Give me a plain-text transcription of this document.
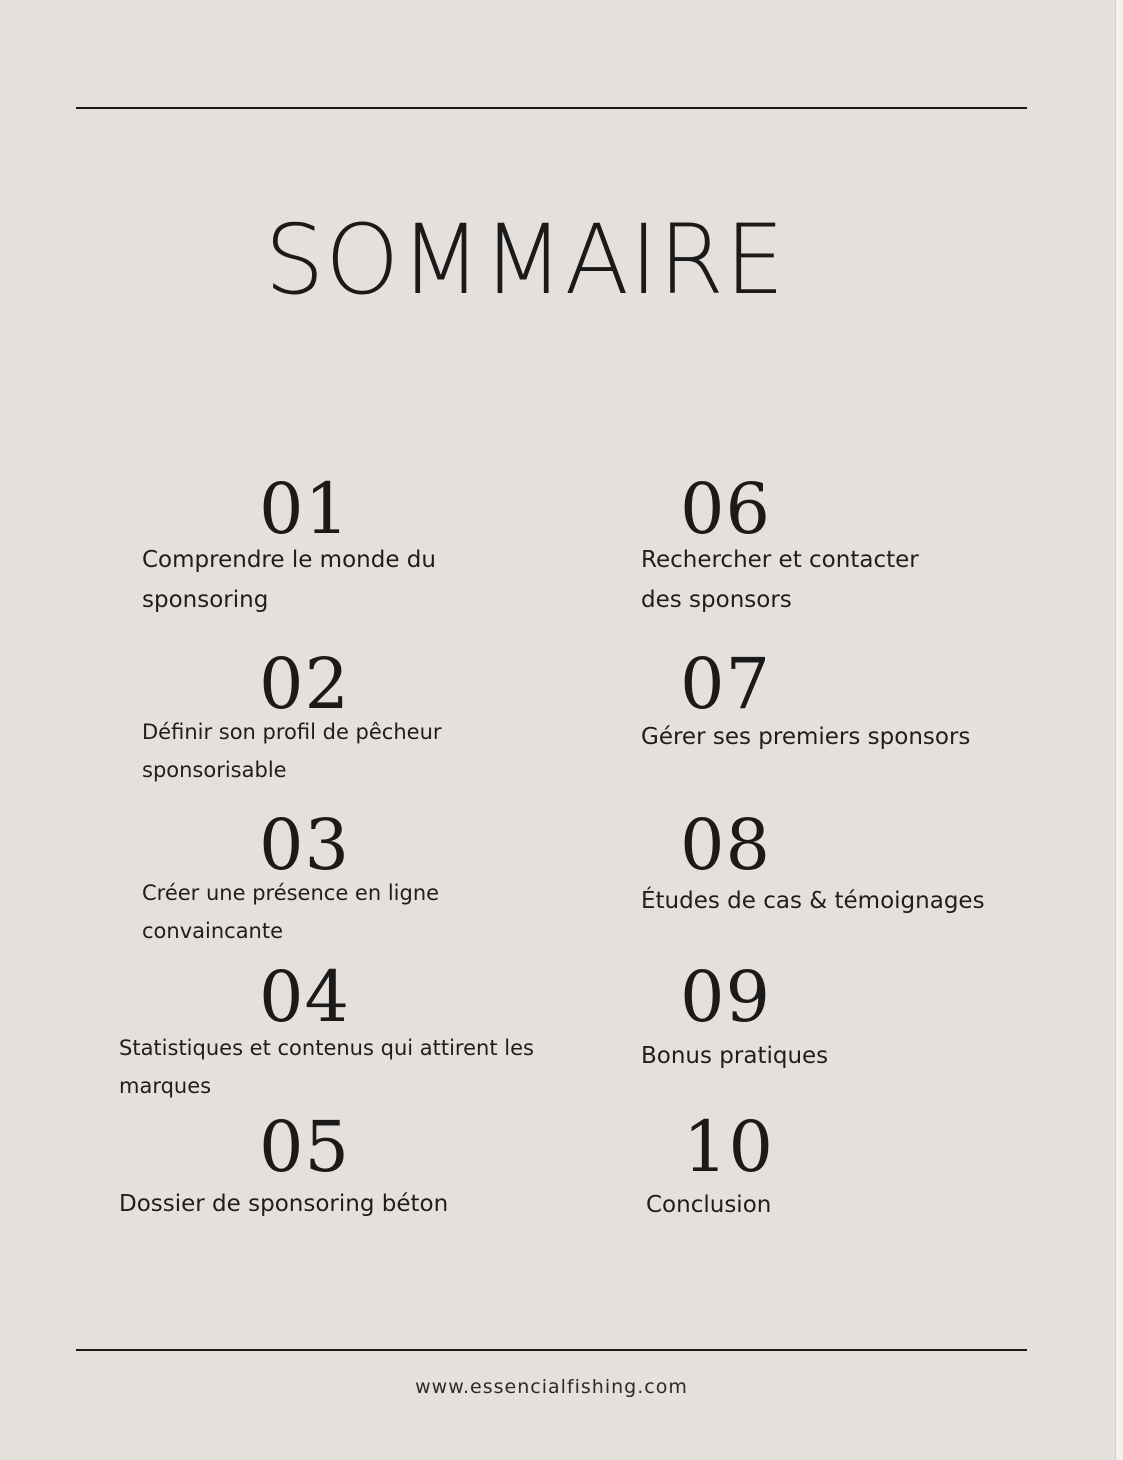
SOMMAIRE
01
Comprendre le monde du sponsoring
02
Définir son profil de pêcheur sponsorisable
03
Créer une présence en ligne convaincante
04
Statistiques et contenus qui attirent les marques
05
Dossier de sponsoring béton
06
Rechercher et contacter des sponsors
07
Gérer ses premiers sponsors
08
Études de cas & témoignages
09
Bonus pratiques
10
Conclusion
www.essencialfishing.com
